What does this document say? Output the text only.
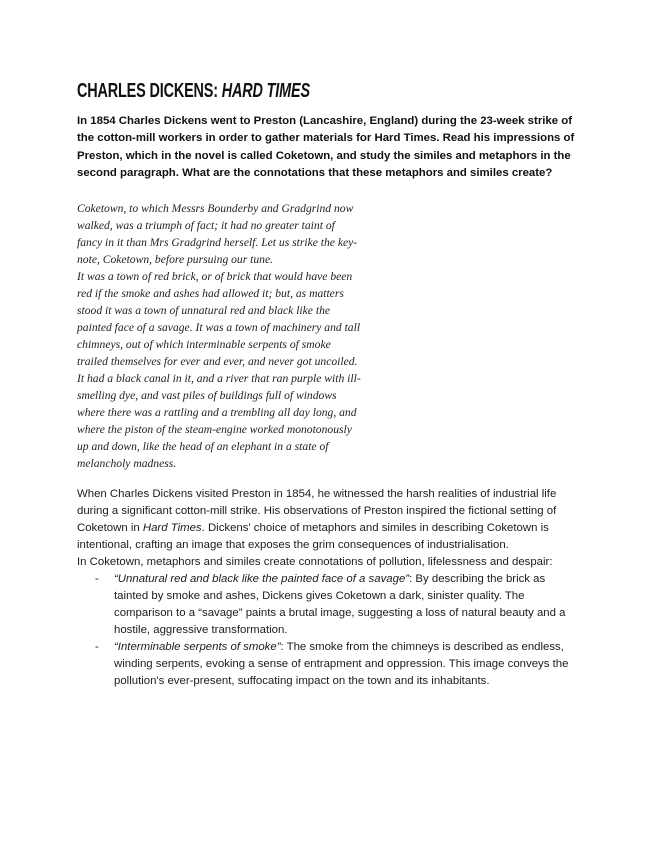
CHARLES DICKENS: HARD TIMES

In 1854 Charles Dickens went to Preston (Lancashire, England) during the 23-week strike of the cotton-mill workers in order to gather materials for Hard Times. Read his impressions of Preston, which in the novel is called Coketown, and study the similes and metaphors in the second paragraph. What are the connotations that these metaphors and similes create?

Coketown, to which Messrs Bounderby and Gradgrind now walked, was a triumph of fact; it had no greater taint of fancy in it than Mrs Gradgrind herself. Let us strike the key-note, Coketown, before pursuing our tune.

It was a town of red brick, or of brick that would have been red if the smoke and ashes had allowed it; but, as matters stood it was a town of unnatural red and black like the painted face of a savage. It was a town of machinery and tall chimneys, out of which interminable serpents of smoke trailed themselves for ever and ever, and never got uncoiled. It had a black canal in it, and a river that ran purple with ill-smelling dye, and vast piles of buildings full of windows where there was a rattling and a trembling all day long, and where the piston of the steam-engine worked monotonously up and down, like the head of an elephant in a state of melancholy madness.

When Charles Dickens visited Preston in 1854, he witnessed the harsh realities of industrial life during a significant cotton-mill strike. His observations of Preston inspired the fictional setting of Coketown in Hard Times. Dickens' choice of metaphors and similes in describing Coketown is intentional, crafting an image that exposes the grim consequences of industrialisation.

In Coketown, metaphors and similes create connotations of pollution, lifelessness and despair:

- “Unnatural red and black like the painted face of a savage”: By describing the brick as tainted by smoke and ashes, Dickens gives Coketown a dark, sinister quality. The comparison to a “savage” paints a brutal image, suggesting a loss of natural beauty and a hostile, aggressive transformation.
- “Interminable serpents of smoke”: The smoke from the chimneys is described as endless, winding serpents, evoking a sense of entrapment and oppression. This image conveys the pollution's ever-present, suffocating impact on the town and its inhabitants.
